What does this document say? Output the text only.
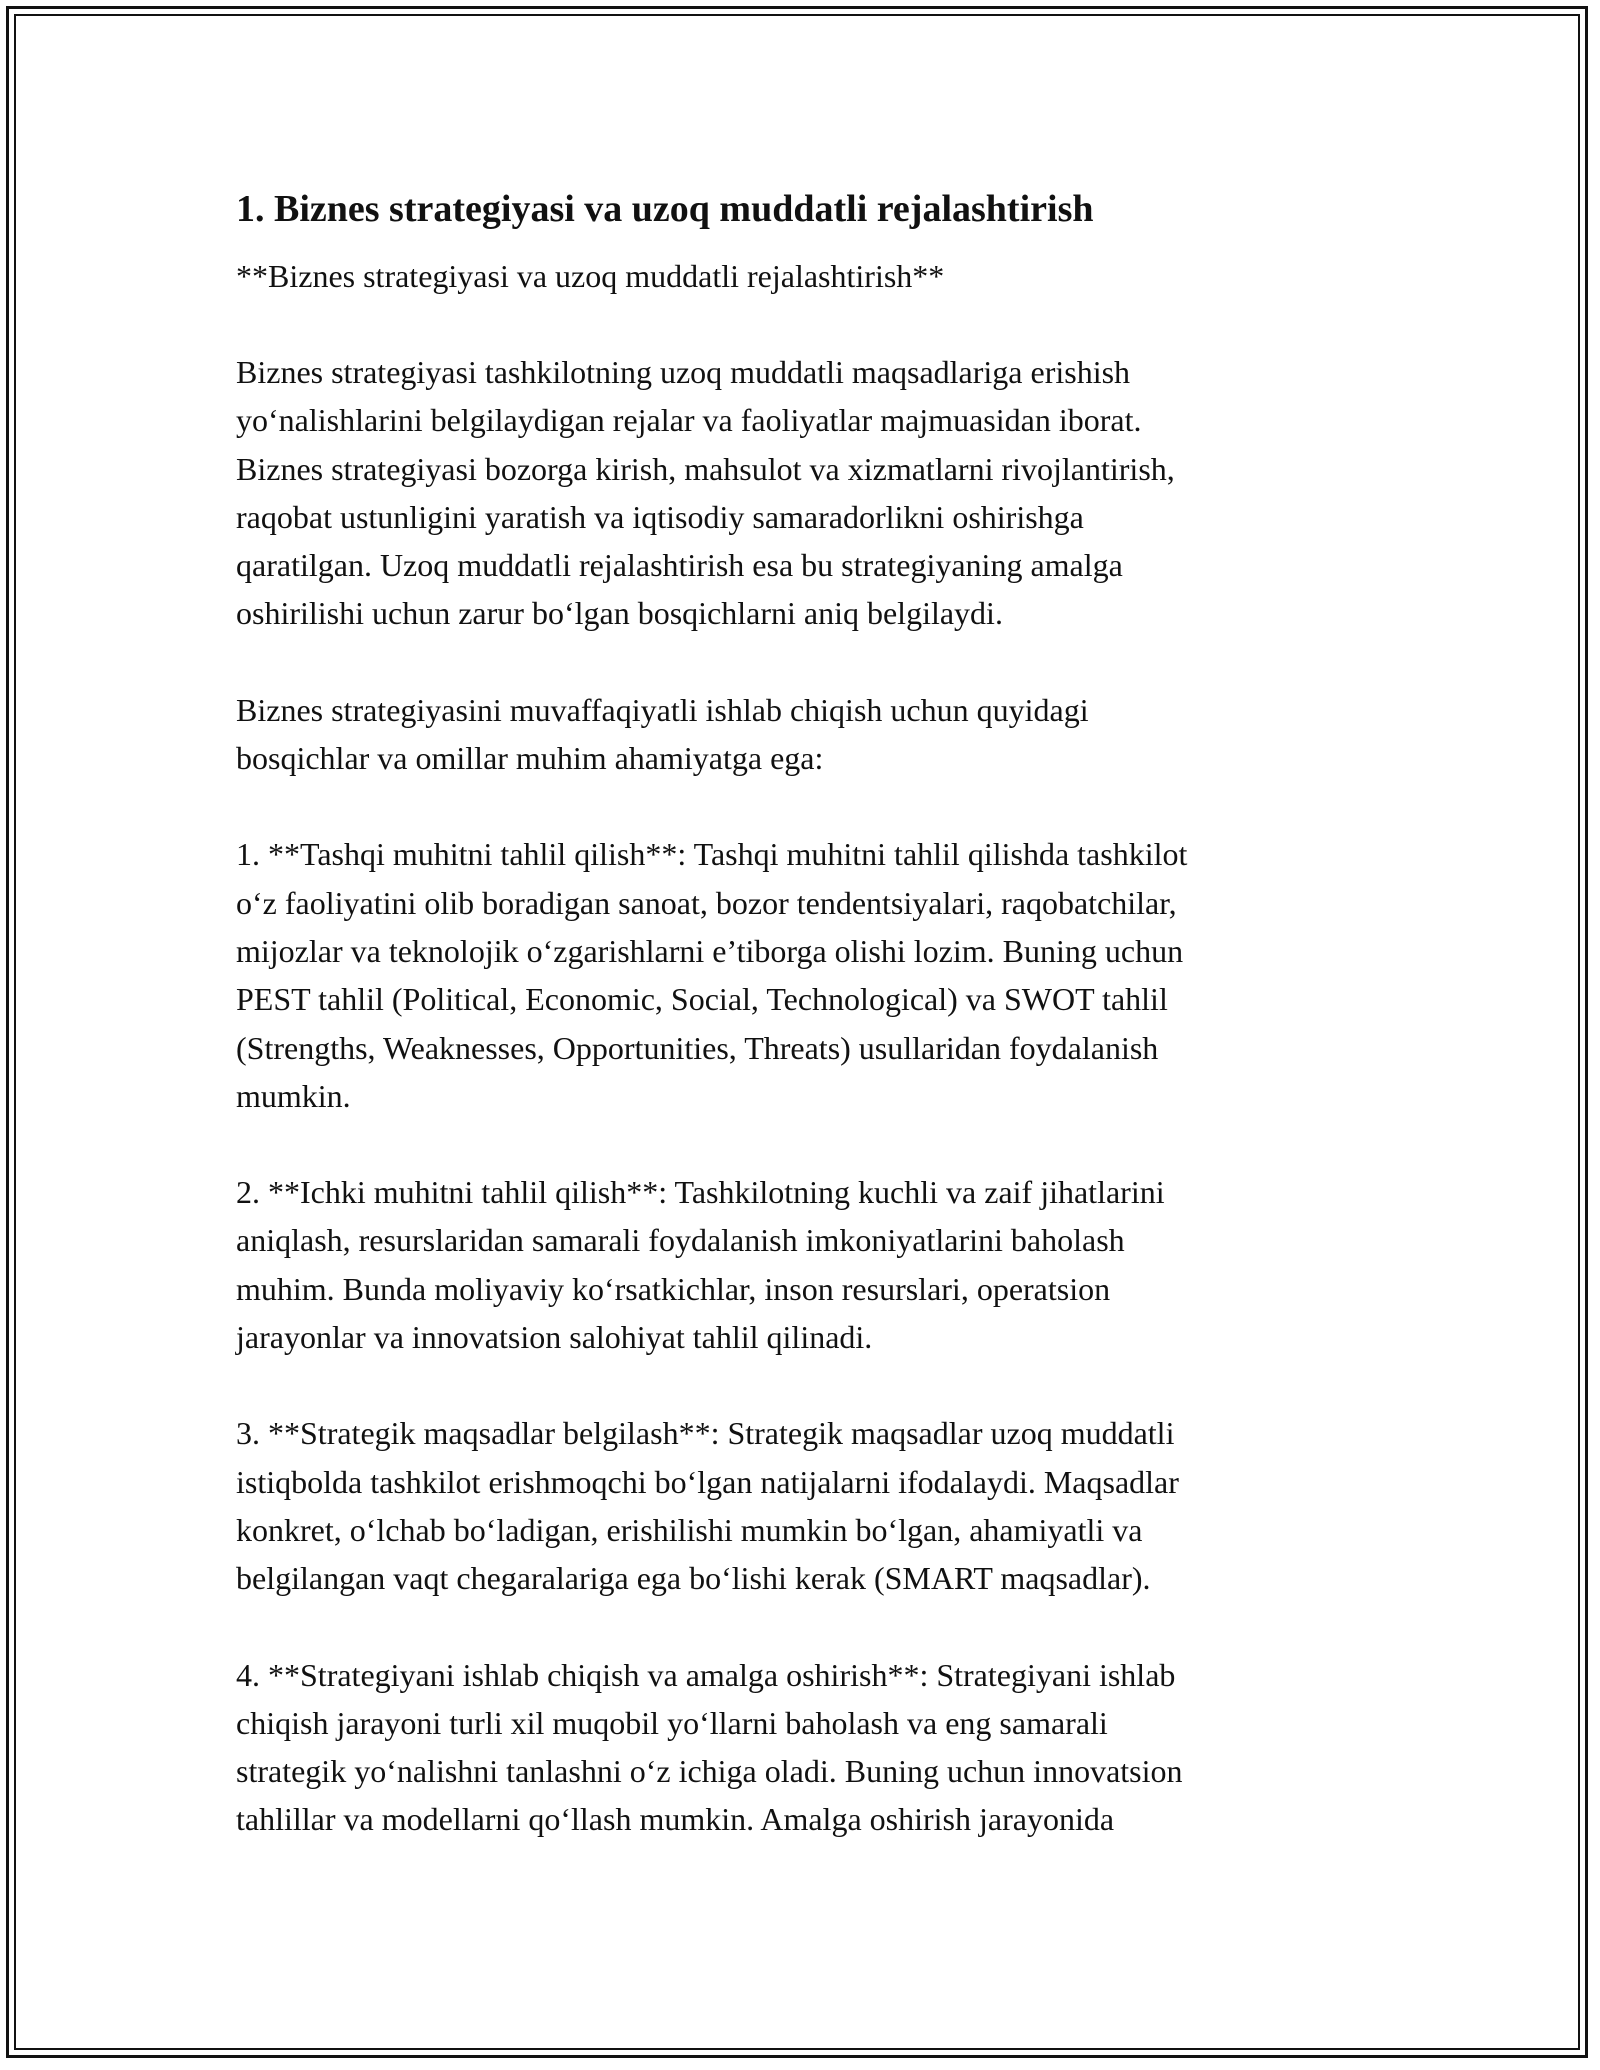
1. Biznes strategiyasi va uzoq muddatli rejalashtirish
**Biznes strategiyasi va uzoq muddatli rejalashtirish**
Biznes strategiyasi tashkilotning uzoq muddatli maqsadlariga erishish
yo‘nalishlarini belgilaydigan rejalar va faoliyatlar majmuasidan iborat.
Biznes strategiyasi bozorga kirish, mahsulot va xizmatlarni rivojlantirish,
raqobat ustunligini yaratish va iqtisodiy samaradorlikni oshirishga
qaratilgan. Uzoq muddatli rejalashtirish esa bu strategiyaning amalga
oshirilishi uchun zarur bo‘lgan bosqichlarni aniq belgilaydi.
Biznes strategiyasini muvaffaqiyatli ishlab chiqish uchun quyidagi
bosqichlar va omillar muhim ahamiyatga ega:
1. **Tashqi muhitni tahlil qilish**: Tashqi muhitni tahlil qilishda tashkilot
o‘z faoliyatini olib boradigan sanoat, bozor tendentsiyalari, raqobatchilar,
mijozlar va teknolojik o‘zgarishlarni e’tiborga olishi lozim. Buning uchun
PEST tahlil (Political, Economic, Social, Technological) va SWOT tahlil
(Strengths, Weaknesses, Opportunities, Threats) usullaridan foydalanish
mumkin.
2. **Ichki muhitni tahlil qilish**: Tashkilotning kuchli va zaif jihatlarini
aniqlash, resurslaridan samarali foydalanish imkoniyatlarini baholash
muhim. Bunda moliyaviy ko‘rsatkichlar, inson resurslari, operatsion
jarayonlar va innovatsion salohiyat tahlil qilinadi.
3. **Strategik maqsadlar belgilash**: Strategik maqsadlar uzoq muddatli
istiqbolda tashkilot erishmoqchi bo‘lgan natijalarni ifodalaydi. Maqsadlar
konkret, o‘lchab bo‘ladigan, erishilishi mumkin bo‘lgan, ahamiyatli va
belgilangan vaqt chegaralariga ega bo‘lishi kerak (SMART maqsadlar).
4. **Strategiyani ishlab chiqish va amalga oshirish**: Strategiyani ishlab
chiqish jarayoni turli xil muqobil yo‘llarni baholash va eng samarali
strategik yo‘nalishni tanlashni o‘z ichiga oladi. Buning uchun innovatsion
tahlillar va modellarni qo‘llash mumkin. Amalga oshirish jarayonida
